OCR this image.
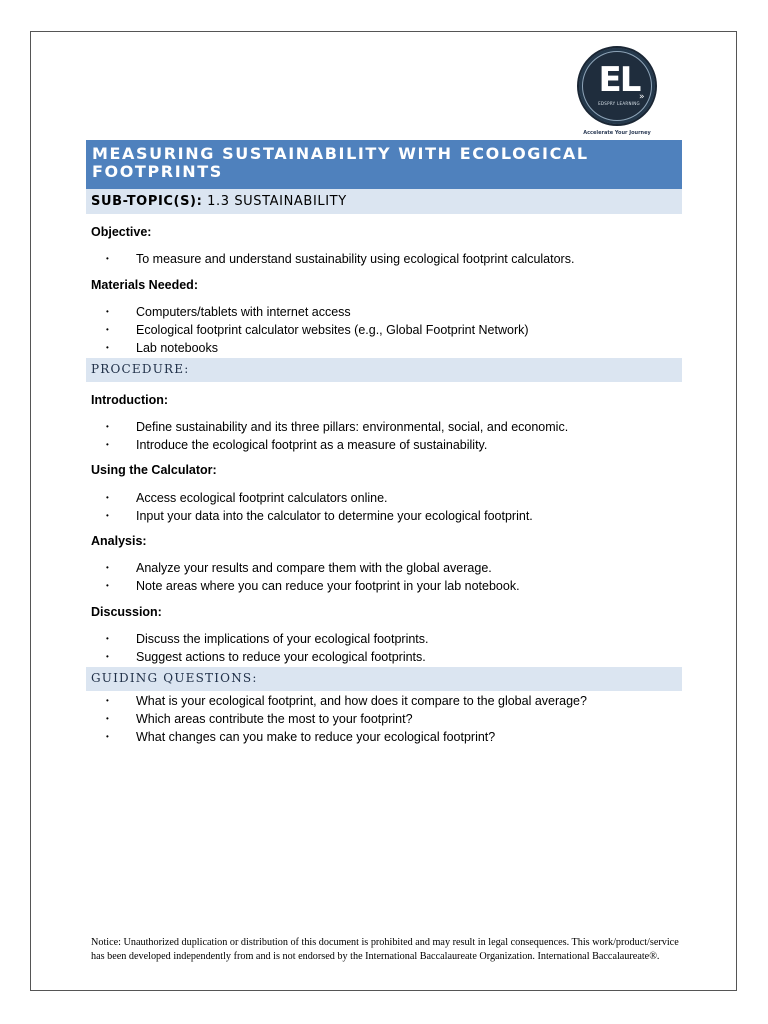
EL
EDSPRY LEARNING
»
Accelerate Your Journey
MEASURING SUSTAINABILITY WITH ECOLOGICAL FOOTPRINTS
SUB-TOPIC(S): 1.3 SUSTAINABILITY

Objective:

• To measure and understand sustainability using ecological footprint calculators.

Materials Needed:

• Computers/tablets with internet access
• Ecological footprint calculator websites (e.g., Global Footprint Network)
• Lab notebooks
PROCEDURE:

Introduction:

• Define sustainability and its three pillars: environmental, social, and economic.
• Introduce the ecological footprint as a measure of sustainability.

Using the Calculator:

• Access ecological footprint calculators online.
• Input your data into the calculator to determine your ecological footprint.

Analysis:

• Analyze your results and compare them with the global average.
• Note areas where you can reduce your footprint in your lab notebook.

Discussion:

• Discuss the implications of your ecological footprints.
• Suggest actions to reduce your ecological footprints.
GUIDING QUESTIONS:
• What is your ecological footprint, and how does it compare to the global average?
• Which areas contribute the most to your footprint?
• What changes can you make to reduce your ecological footprint?

Notice: Unauthorized duplication or distribution of this document is prohibited and may result in legal consequences. This work/product/service has been developed independently from and is not endorsed by the International Baccalaureate Organization. International Baccalaureate®.
